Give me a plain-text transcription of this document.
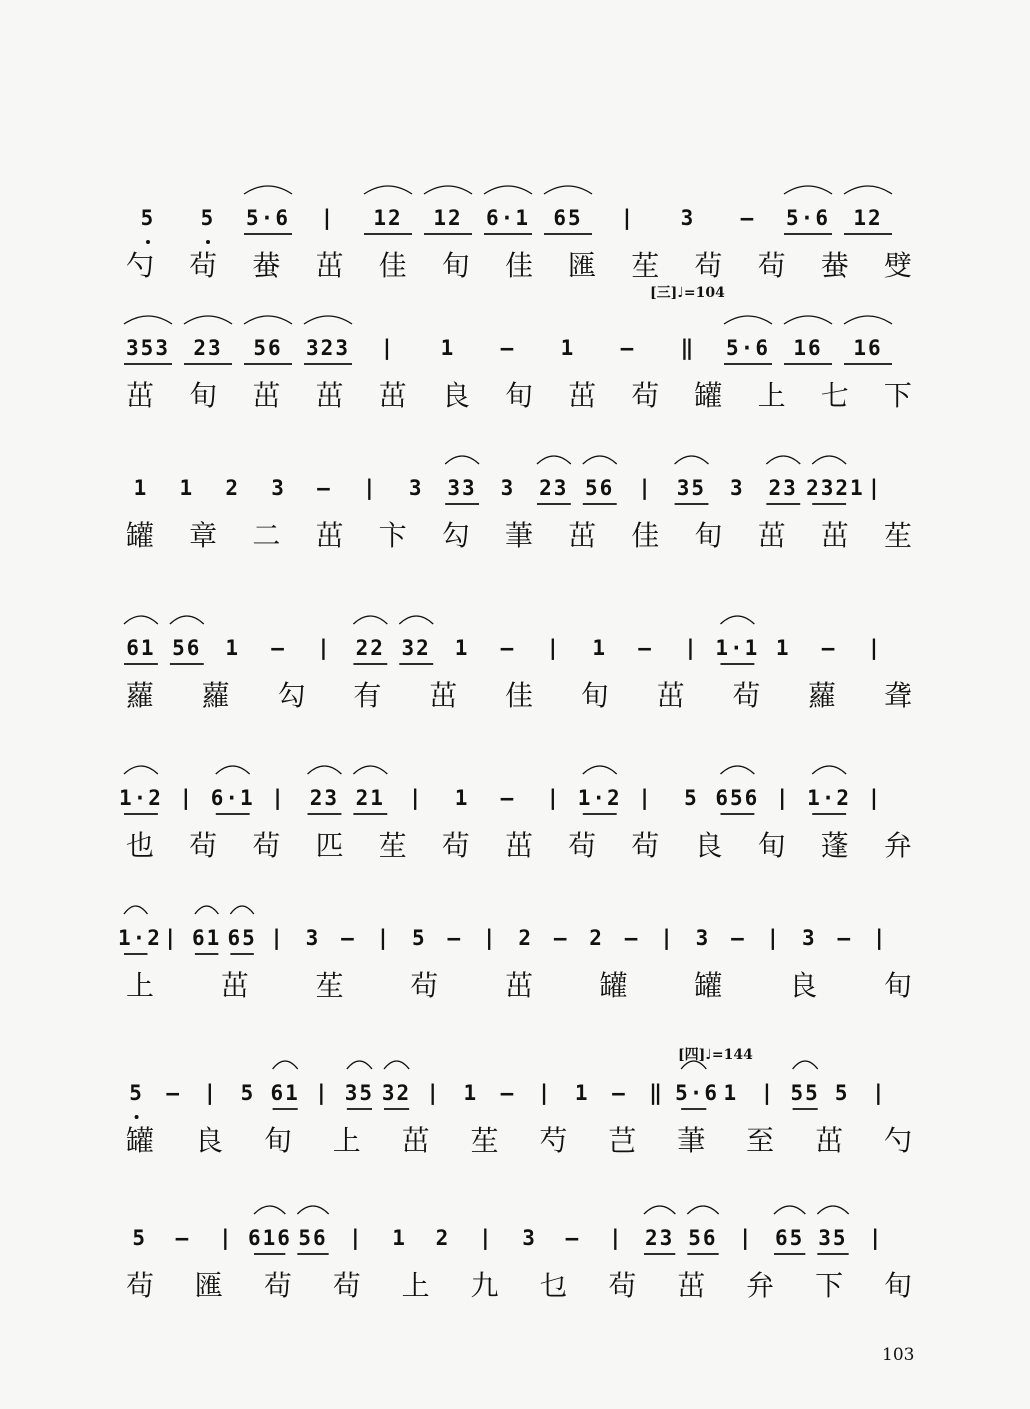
[三]♩=104
[四]♩=144
5	5	5·6	|	12	12	6·1	65	|	3	–	5·6	12
勺 茍 蛬 茁 佳 旬 佳 匯 苼 茍 茍 蛬 䢃
353	23	56	323	|	1	–	1	–	‖	5·6	16	16
茁 旬 茁 茁 茁 良 旬 茁 茍 罐 上 七 下
1	1	2	3	–	|	3	33	3	23 56	|	35	3	23 2321 |
罐 章 二 茁 卞 勾 茟 茁 佳 旬 茁 茁 苼
61 56	1	–	|	22 32	1	–	|	1	–	| 1·1 1	–	|
蘿 蘿 勾 有 茁 佳 旬 茁 茍 蘿 聋
1·2 | 6·1 |	23 21	|	1	–	| 1·2 |	5 656 | 1·2 |
也 茍 茍 匹 苼 茍 茁 茍 茍 良 旬 蓬 弁
1·2 | 61 65 | 3 – | 5 – | 2 – 2 – | 3 – | 3 – |
上 茁 苼 茍 茁 罐 罐 良 旬
5	–	|	5 61 | 35 32 |	1	–	|	1	–	‖ 5·6 1	| 55 5	|
罐 良 旬 上 茁 苼 芍 芑 茟 至 茁 勺
5	–	| 616 56	|	1	2	|	3	–	|	23 56	|	65 35	|
茍 匯 茍 茍 上 九 乜 茍 茁 弁 下 旬
103
